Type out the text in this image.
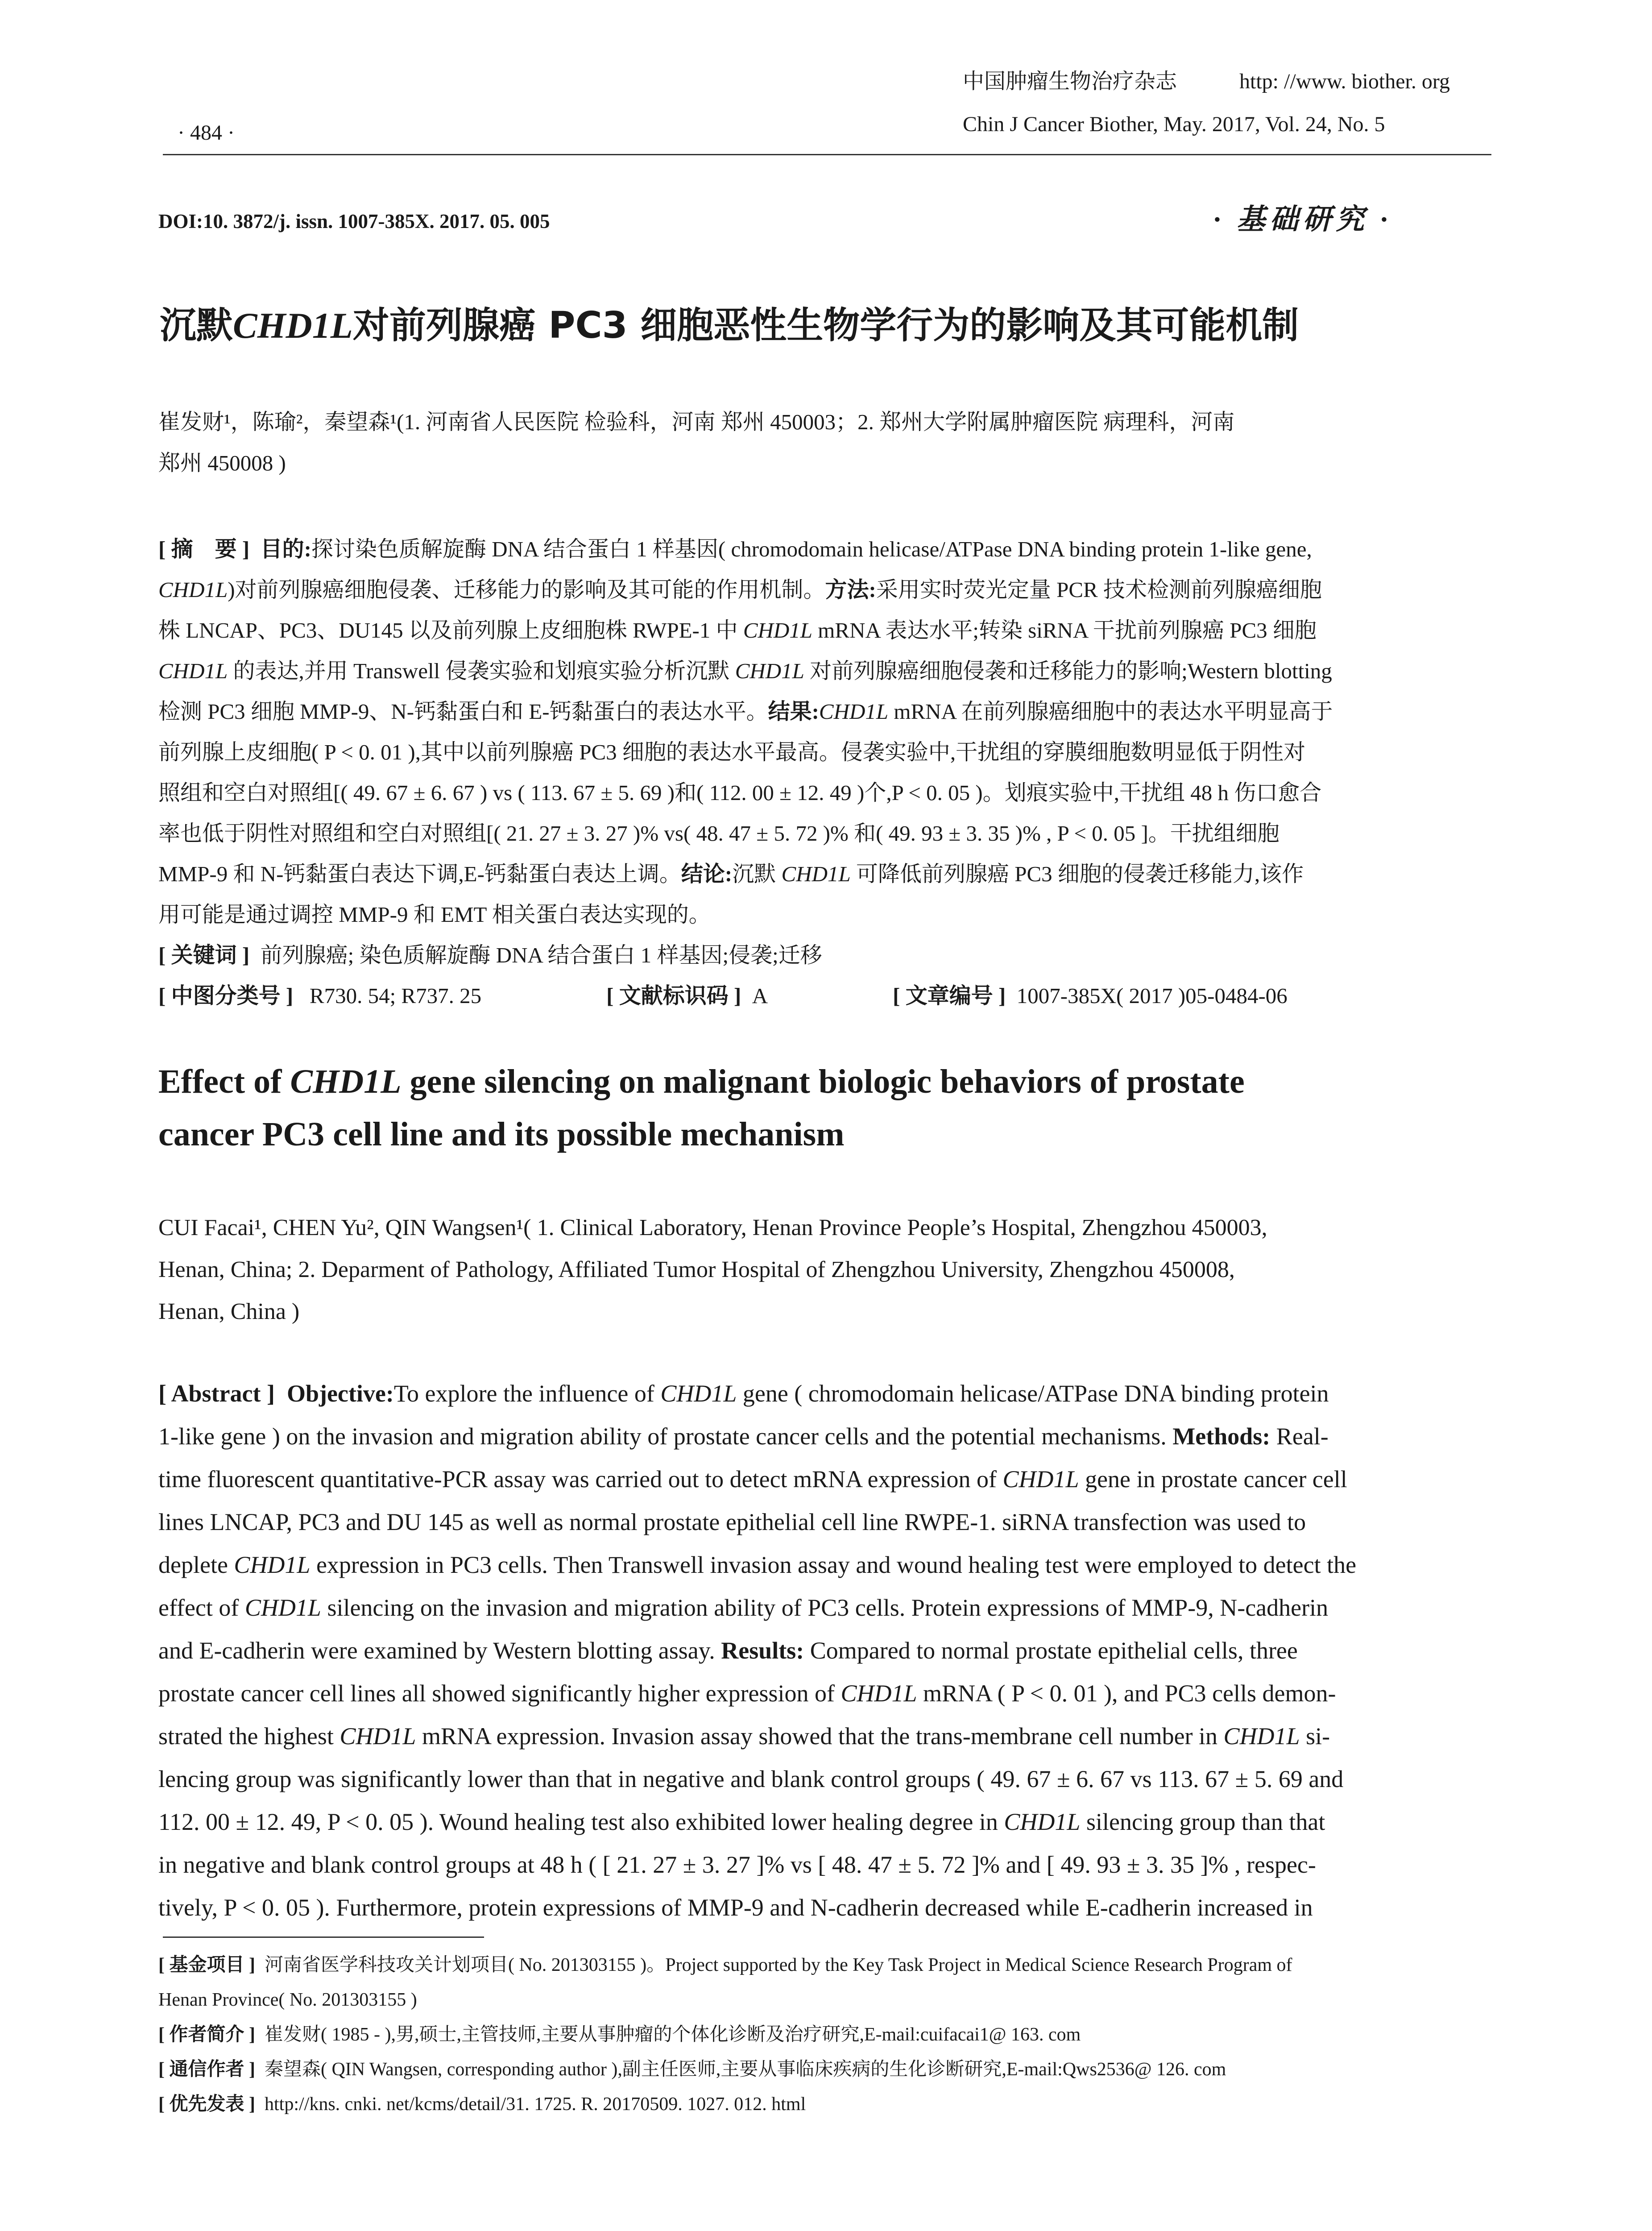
· 484 ·
中国肿瘤生物治疗杂志	http: //www. biother. org
Chin J Cancer Biother, May. 2017, Vol. 24, No. 5
DOI:10. 3872/j. issn. 1007-385X. 2017. 05. 005	· 基础研究 ·
沉默CHD1L对前列腺癌 PC3 细胞恶性生物学行为的影响及其可能机制
崔发财¹，陈瑜²，秦望森¹(1. 河南省人民医院 检验科，河南 郑州 450003；2. 郑州大学附属肿瘤医院 病理科，河南
郑州 450008 )
[ 摘　要 ] 目的:探讨染色质解旋酶 DNA 结合蛋白 1 样基因( chromodomain helicase/ATPase DNA binding protein 1-like gene,
CHD1L)对前列腺癌细胞侵袭、迁移能力的影响及其可能的作用机制。方法:采用实时荧光定量 PCR 技术检测前列腺癌细胞
株 LNCAP、PC3、DU145 以及前列腺上皮细胞株 RWPE-1 中 CHD1L mRNA 表达水平;转染 siRNA 干扰前列腺癌 PC3 细胞
CHD1L 的表达,并用 Transwell 侵袭实验和划痕实验分析沉默 CHD1L 对前列腺癌细胞侵袭和迁移能力的影响;Western blotting
检测 PC3 细胞 MMP-9、N-钙黏蛋白和 E-钙黏蛋白的表达水平。结果:CHD1L mRNA 在前列腺癌细胞中的表达水平明显高于
前列腺上皮细胞( P < 0. 01 ),其中以前列腺癌 PC3 细胞的表达水平最高。侵袭实验中,干扰组的穿膜细胞数明显低于阴性对
照组和空白对照组[( 49. 67 ± 6. 67 ) vs ( 113. 67 ± 5. 69 )和( 112. 00 ± 12. 49 )个,P < 0. 05 )。划痕实验中,干扰组 48 h 伤口愈合
率也低于阴性对照组和空白对照组[( 21. 27 ± 3. 27 )% vs( 48. 47 ± 5. 72 )% 和( 49. 93 ± 3. 35 )% , P < 0. 05 ]。干扰组细胞
MMP-9 和 N-钙黏蛋白表达下调,E-钙黏蛋白表达上调。结论:沉默 CHD1L 可降低前列腺癌 PC3 细胞的侵袭迁移能力,该作
用可能是通过调控 MMP-9 和 EMT 相关蛋白表达实现的。
[ 关键词 ] 前列腺癌; 染色质解旋酶 DNA 结合蛋白 1 样基因;侵袭;迁移
[ 中图分类号 ] R730. 54; R737. 25	[ 文献标识码 ] A	[ 文章编号 ] 1007-385X( 2017 )05-0484-06
Effect of CHD1L gene silencing on malignant biologic behaviors of prostate
cancer PC3 cell line and its possible mechanism
CUI Facai¹, CHEN Yu², QIN Wangsen¹( 1. Clinical Laboratory, Henan Province People’s Hospital, Zhengzhou 450003,
Henan, China; 2. Deparment of Pathology, Affiliated Tumor Hospital of Zhengzhou University, Zhengzhou 450008,
Henan, China )
[ Abstract ] Objective:To explore the influence of CHD1L gene ( chromodomain helicase/ATPase DNA binding protein
1-like gene ) on the invasion and migration ability of prostate cancer cells and the potential mechanisms. Methods: Real-
time fluorescent quantitative-PCR assay was carried out to detect mRNA expression of CHD1L gene in prostate cancer cell
lines LNCAP, PC3 and DU 145 as well as normal prostate epithelial cell line RWPE-1. siRNA transfection was used to
deplete CHD1L expression in PC3 cells. Then Transwell invasion assay and wound healing test were employed to detect the
effect of CHD1L silencing on the invasion and migration ability of PC3 cells. Protein expressions of MMP-9, N-cadherin
and E-cadherin were examined by Western blotting assay. Results: Compared to normal prostate epithelial cells, three
prostate cancer cell lines all showed significantly higher expression of CHD1L mRNA ( P < 0. 01 ), and PC3 cells demon-
strated the highest CHD1L mRNA expression. Invasion assay showed that the trans-membrane cell number in CHD1L si-
lencing group was significantly lower than that in negative and blank control groups ( 49. 67 ± 6. 67 vs 113. 67 ± 5. 69 and
112. 00 ± 12. 49, P < 0. 05 ). Wound healing test also exhibited lower healing degree in CHD1L silencing group than that
in negative and blank control groups at 48 h ( [ 21. 27 ± 3. 27 ]% vs [ 48. 47 ± 5. 72 ]% and [ 49. 93 ± 3. 35 ]% , respec-
tively, P < 0. 05 ). Furthermore, protein expressions of MMP-9 and N-cadherin decreased while E-cadherin increased in
[ 基金项目 ] 河南省医学科技攻关计划项目( No. 201303155 )。Project supported by the Key Task Project in Medical Science Research Program of
Henan Province( No. 201303155 )
[ 作者简介 ] 崔发财( 1985 - ),男,硕士,主管技师,主要从事肿瘤的个体化诊断及治疗研究,E-mail:cuifacai1@ 163. com
[ 通信作者 ] 秦望森( QIN Wangsen, corresponding author ),副主任医师,主要从事临床疾病的生化诊断研究,E-mail:Qws2536@ 126. com
[ 优先发表 ] http://kns. cnki. net/kcms/detail/31. 1725. R. 20170509. 1027. 012. html
